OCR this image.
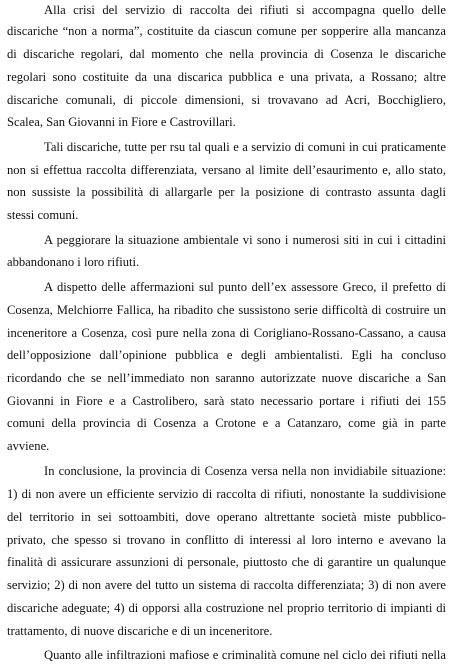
Alla crisi del servizio di raccolta dei rifiuti si accompagna quello delle
discariche “non a norma”, costituite da ciascun comune per sopperire alla mancanza
di discariche regolari, dal momento che nella provincia di Cosenza le discariche
regolari sono costituite da una discarica pubblica e una privata, a Rossano; altre
discariche comunali, di piccole dimensioni, si trovavano ad Acri, Bocchigliero,
Scalea, San Giovanni in Fiore e Castrovillari.
Tali discariche, tutte per rsu tal quali e a servizio di comuni in cui praticamente
non si effettua raccolta differenziata, versano al limite dell’esaurimento e, allo stato,
non sussiste la possibilità di allargarle per la posizione di contrasto assunta dagli
stessi comuni.
A peggiorare la situazione ambientale vi sono i numerosi siti in cui i cittadini
abbandonano i loro rifiuti.
A dispetto delle affermazioni sul punto dell’ex assessore Greco, il prefetto di
Cosenza, Melchiorre Fallica, ha ribadito che sussistono serie difficoltà di costruire un
inceneritore a Cosenza, così pure nella zona di Corigliano-Rossano-Cassano, a causa
dell’opposizione dall’opinione pubblica e degli ambientalisti. Egli ha concluso
ricordando che se nell’immediato non saranno autorizzate nuove discariche a San
Giovanni in Fiore e a Castrolibero, sarà stato necessario portare i rifiuti dei 155
comuni della provincia di Cosenza a Crotone e a Catanzaro, come già in parte
avviene.
In conclusione, la provincia di Cosenza versa nella non invidiabile situazione:
1) di non avere un efficiente servizio di raccolta di rifiuti, nonostante la suddivisione
del territorio in sei sottoambiti, dove operano altrettante società miste pubblico-
privato, che spesso si trovano in conflitto di interessi al loro interno e avevano la
finalità di assicurare assunzioni di personale, piuttosto che di garantire un qualunque
servizio; 2) di non avere del tutto un sistema di raccolta differenziata; 3) di non avere
discariche adeguate; 4) di opporsi alla costruzione nel proprio territorio di impianti di
trattamento, di nuove discariche e di un inceneritore.
Quanto alle infiltrazioni mafiose e criminalità comune nel ciclo dei rifiuti nella
